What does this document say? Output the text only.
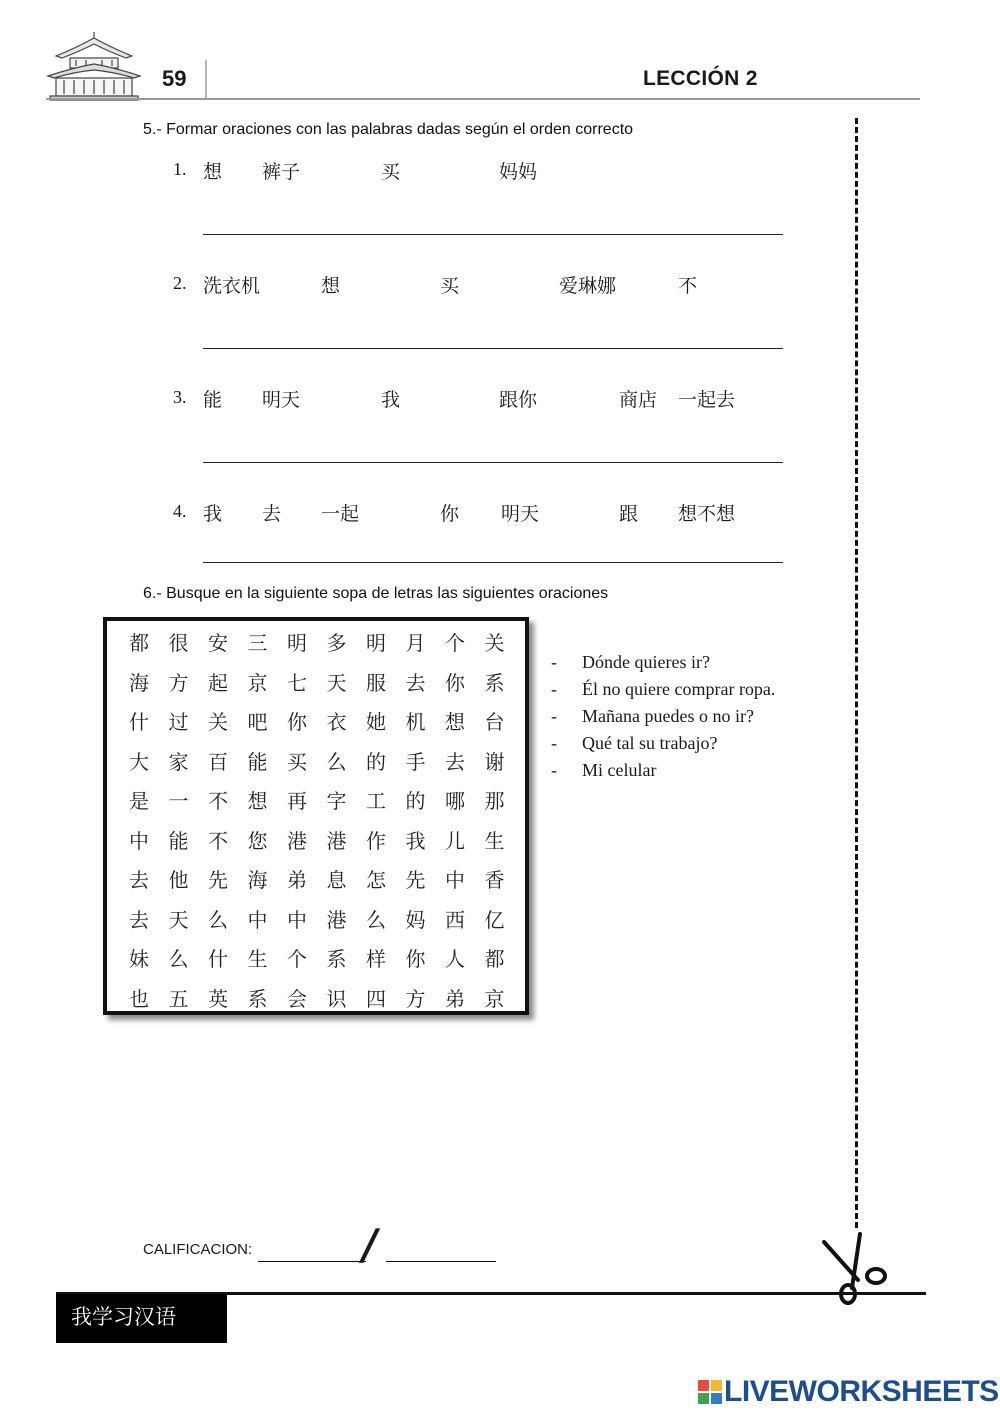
59	LECCIÓN 2
5.- Formar oraciones con las palabras dadas según el orden correcto
1. 想 裤子	买	妈妈
2. 洗衣机	想	买	爱琳娜	不
3. 能 明天	我	跟你	商店 一起去
4. 我 去 一起	你 明天	跟 想不想
6.- Busque en la siguiente sopa de letras las siguientes oraciones
都 很 安 三 明 多 明 月 个 关
海 方 起 京 七 天 服 去 你 系
什 过 关 吧 你 衣 她 机 想 台
大 家 百 能 买 么 的 手 去 谢
是 一 不 想 再 字 工 的 哪 那
中 能 不 您 港 港 作 我 儿 生
去 他 先 海 弟 息 怎 先 中 香
去 天 么 中 中 港 么 妈 西 亿
妹 么 什 生 个 系 样 你 人 都
也 五 英 系 会 识 四 方 弟 京
- Dónde quieres ir?
- Él no quiere comprar ropa.
- Mañana puedes o no ir?
- Qué tal su trabajo?
- Mi celular
CALIFICACION:	/
我学习汉语
LIVEWORKSHEETS
